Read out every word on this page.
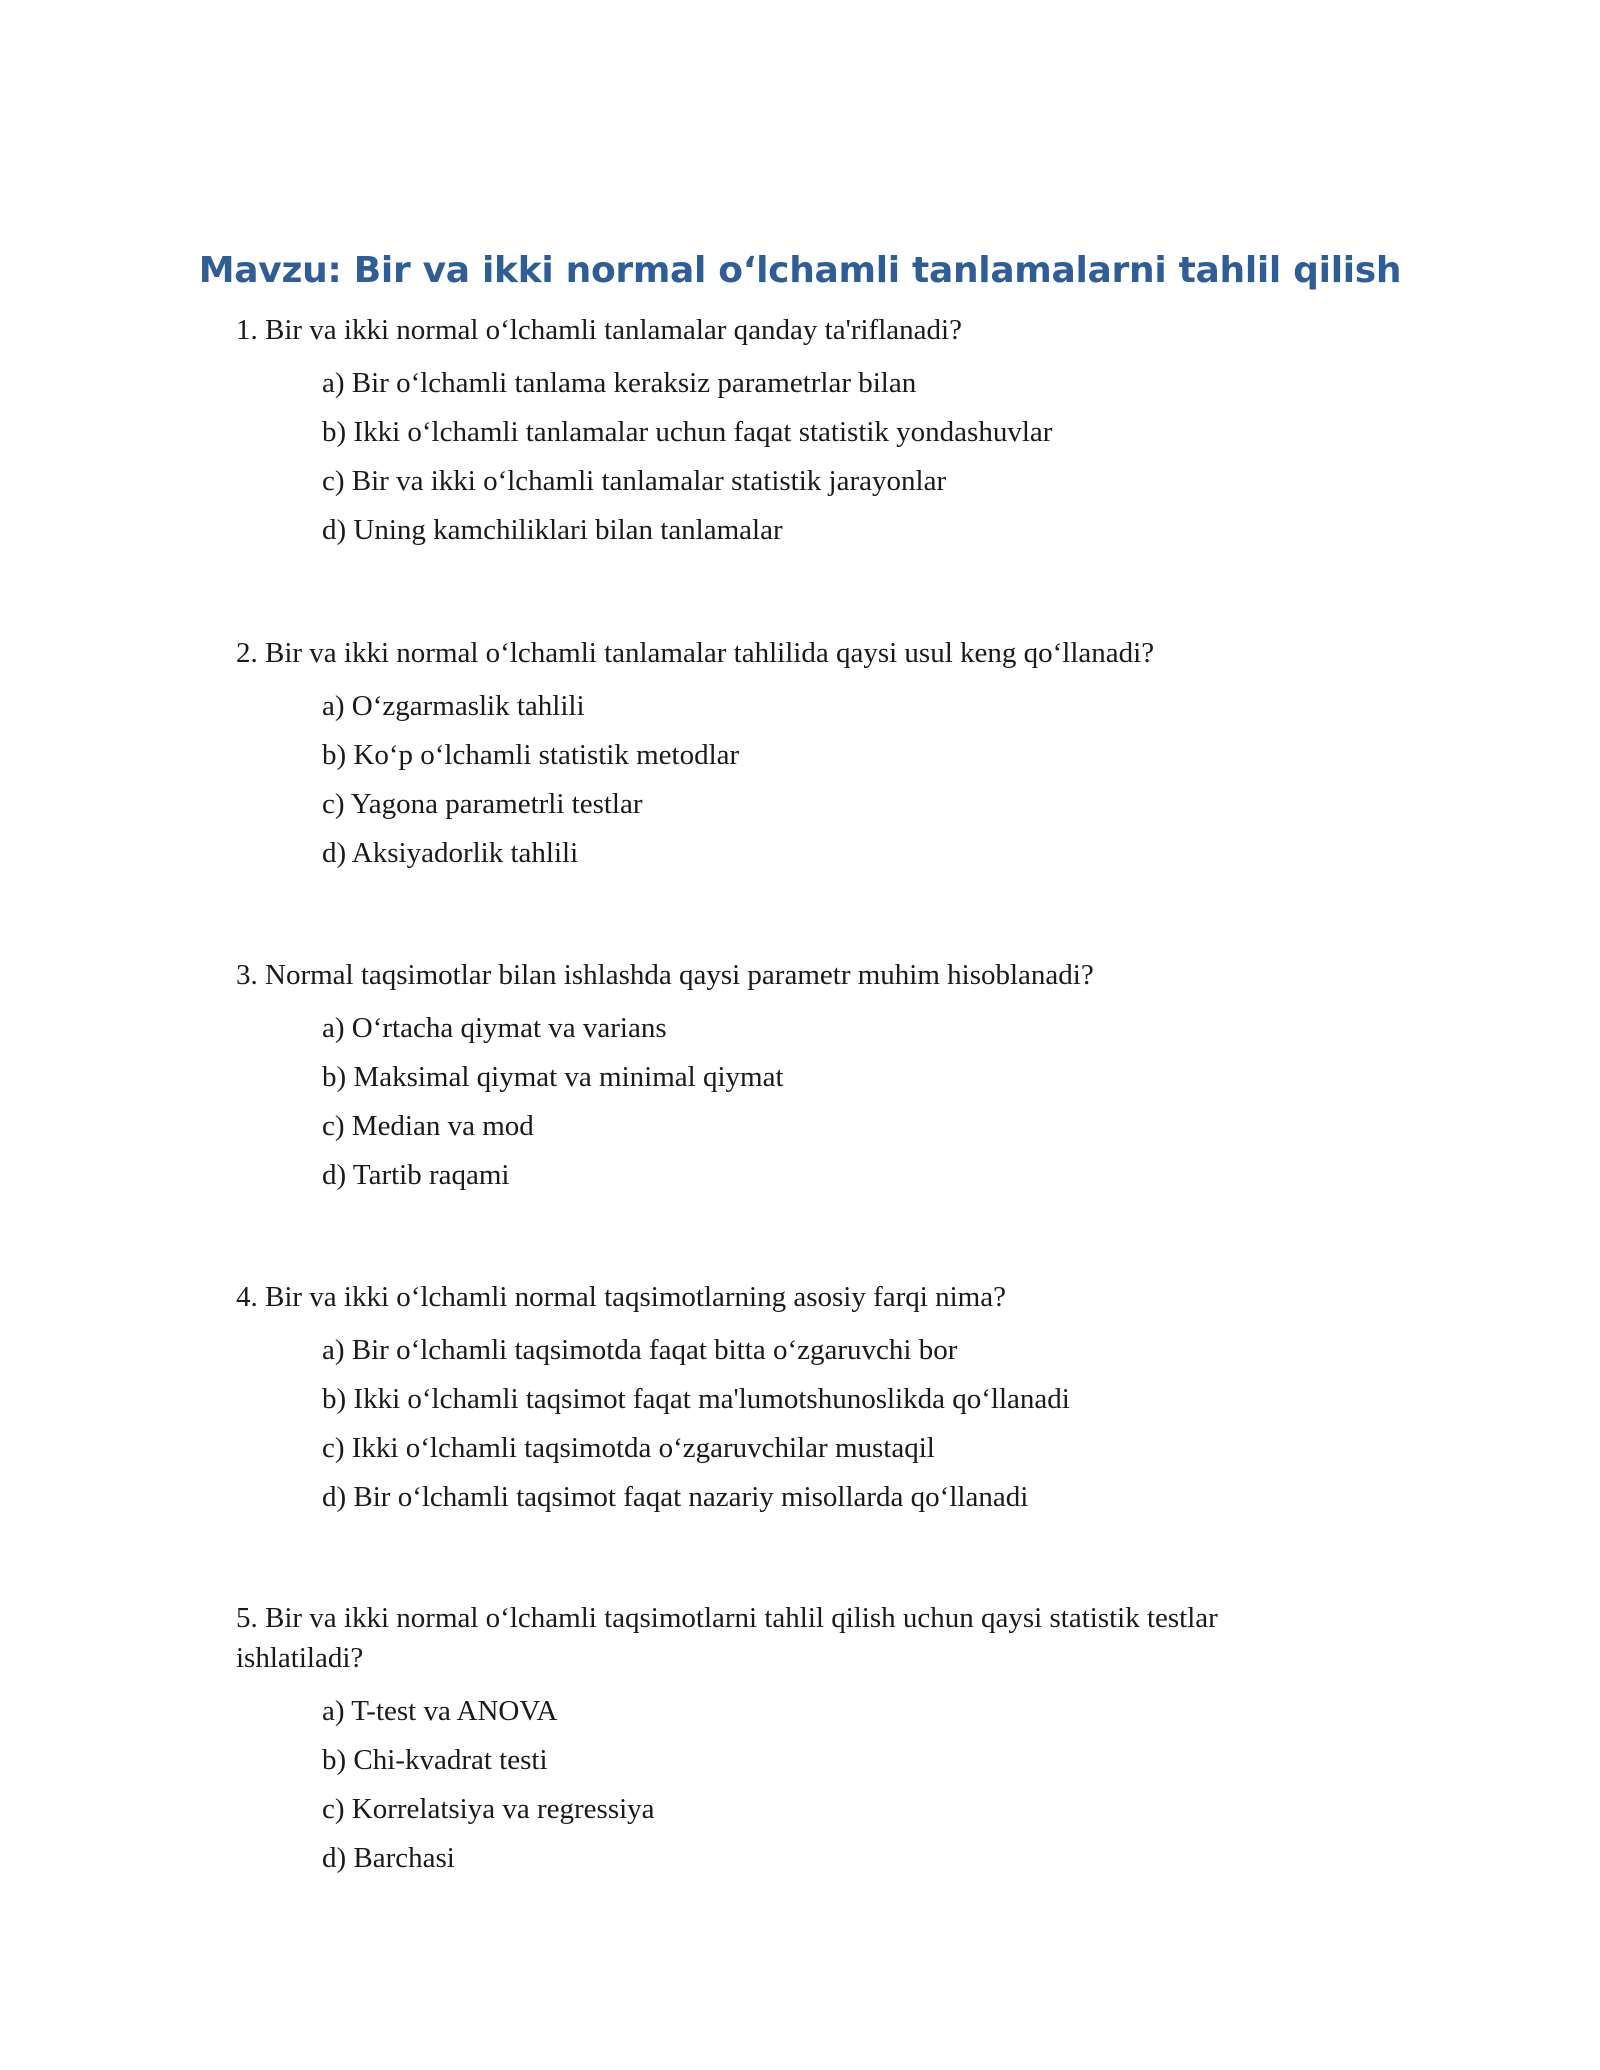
Mavzu: Bir va ikki normal oʻlchamli tanlamalarni tahlil qilish

1. Bir va ikki normal oʻlchamli tanlamalar qanday ta'riflanadi?

a) Bir oʻlchamli tanlama keraksiz parametrlar bilan
b) Ikki oʻlchamli tanlamalar uchun faqat statistik yondashuvlar
c) Bir va ikki oʻlchamli tanlamalar statistik jarayonlar
d) Uning kamchiliklari bilan tanlamalar

2. Bir va ikki normal oʻlchamli tanlamalar tahlilida qaysi usul keng qoʻllanadi?

a) Oʻzgarmaslik tahlili
b) Koʻp oʻlchamli statistik metodlar
c) Yagona parametrli testlar
d) Aksiyadorlik tahlili

3. Normal taqsimotlar bilan ishlashda qaysi parametr muhim hisoblanadi?

a) Oʻrtacha qiymat va varians
b) Maksimal qiymat va minimal qiymat
c) Median va mod
d) Tartib raqami

4. Bir va ikki oʻlchamli normal taqsimotlarning asosiy farqi nima?

a) Bir oʻlchamli taqsimotda faqat bitta oʻzgaruvchi bor
b) Ikki oʻlchamli taqsimot faqat ma'lumotshunoslikda qoʻllanadi
c) Ikki oʻlchamli taqsimotda oʻzgaruvchilar mustaqil
d) Bir oʻlchamli taqsimot faqat nazariy misollarda qoʻllanadi

5. Bir va ikki normal oʻlchamli taqsimotlarni tahlil qilish uchun qaysi statistik testlar ishlatiladi?

a) T-test va ANOVA
b) Chi-kvadrat testi
c) Korrelatsiya va regressiya
d) Barchasi
